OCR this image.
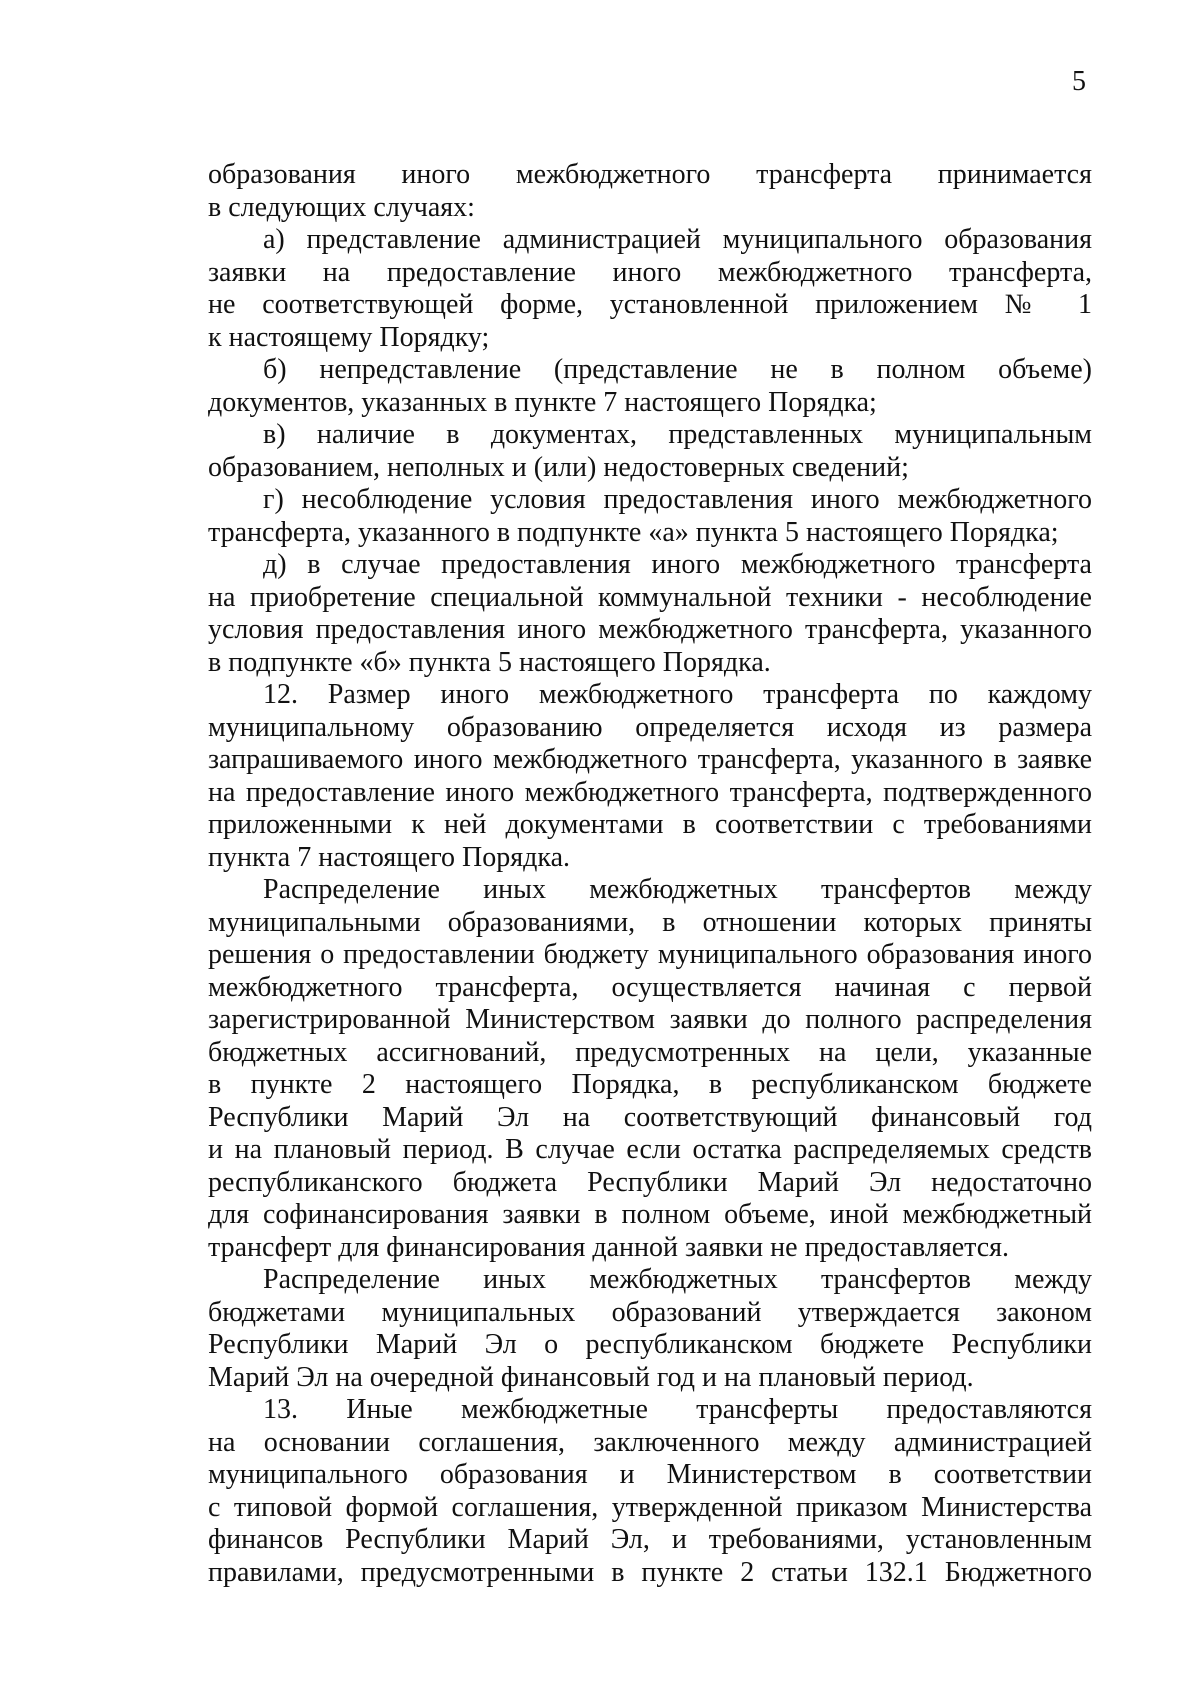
5
образования иного межбюджетного трансферта принимается
в следующих случаях:
а) представление администрацией муниципального образования
заявки на предоставление иного межбюджетного трансферта,
не соответствующей форме, установленной приложением № 1
к настоящему Порядку;
б) непредставление (представление не в полном объеме)
документов, указанных в пункте 7 настоящего Порядка;
в) наличие в документах, представленных муниципальным
образованием, неполных и (или) недостоверных сведений;
г) несоблюдение условия предоставления иного межбюджетного
трансферта, указанного в подпункте «а» пункта 5 настоящего Порядка;
д) в случае предоставления иного межбюджетного трансферта
на приобретение специальной коммунальной техники - несоблюдение
условия предоставления иного межбюджетного трансферта, указанного
в подпункте «б» пункта 5 настоящего Порядка.
12. Размер иного межбюджетного трансферта по каждому
муниципальному образованию определяется исходя из размера
запрашиваемого иного межбюджетного трансферта, указанного в заявке
на предоставление иного межбюджетного трансферта, подтвержденного
приложенными к ней документами в соответствии с требованиями
пункта 7 настоящего Порядка.
Распределение иных межбюджетных трансфертов между
муниципальными образованиями, в отношении которых приняты
решения о предоставлении бюджету муниципального образования иного
межбюджетного трансферта, осуществляется начиная с первой
зарегистрированной Министерством заявки до полного распределения
бюджетных ассигнований, предусмотренных на цели, указанные
в пункте 2 настоящего Порядка, в республиканском бюджете
Республики Марий Эл на соответствующий финансовый год
и на плановый период. В случае если остатка распределяемых средств
республиканского бюджета Республики Марий Эл недостаточно
для софинансирования заявки в полном объеме, иной межбюджетный
трансферт для финансирования данной заявки не предоставляется.
Распределение иных межбюджетных трансфертов между
бюджетами муниципальных образований утверждается законом
Республики Марий Эл о республиканском бюджете Республики
Марий Эл на очередной финансовый год и на плановый период.
13. Иные межбюджетные трансферты предоставляются
на основании соглашения, заключенного между администрацией
муниципального образования и Министерством в соответствии
с типовой формой соглашения, утвержденной приказом Министерства
финансов Республики Марий Эл, и требованиями, установленным
правилами, предусмотренными в пункте 2 статьи 132.1 Бюджетного
